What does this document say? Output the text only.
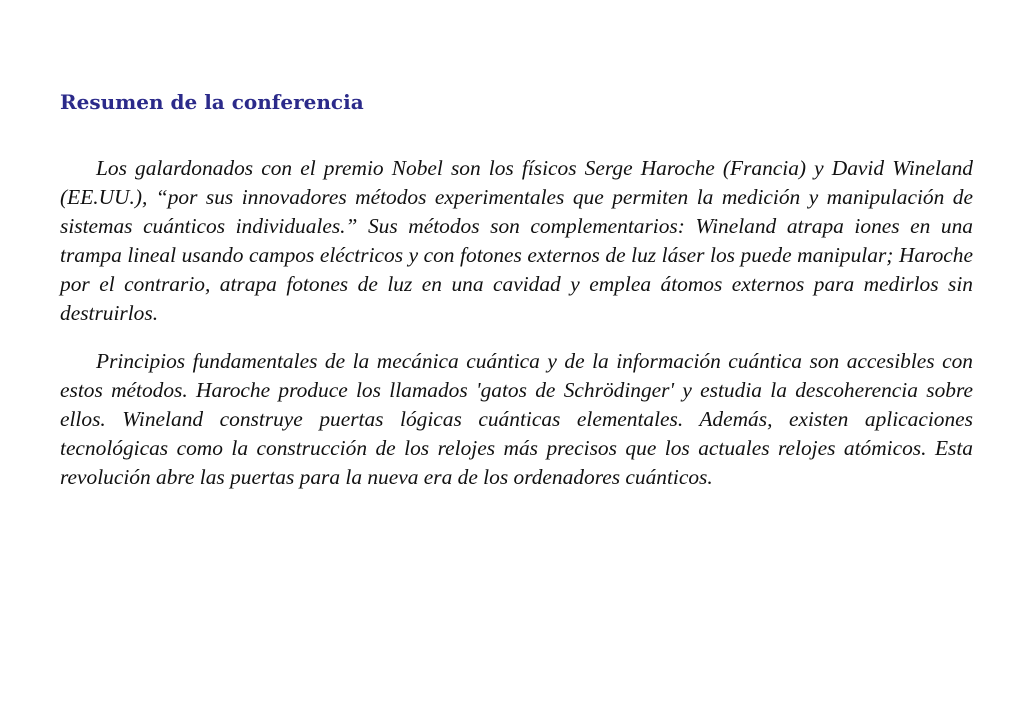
Resumen de la conferencia

Los galardonados con el premio Nobel son los físicos Serge Haroche (Francia) y David Wineland (EE.UU.), “por sus innovadores métodos experimentales que permiten la medición y manipulación de sistemas cuánticos individuales.” Sus métodos son complementarios: Wineland atrapa iones en una trampa lineal usando campos eléctricos y con fotones externos de luz láser los puede manipular; Haroche por el contrario, atrapa fotones de luz en una cavidad y emplea átomos externos para medirlos sin destruirlos.

Principios fundamentales de la mecánica cuántica y de la información cuántica son accesibles con estos métodos. Haroche produce los llamados 'gatos de Schrödinger' y estudia la descoherencia sobre ellos. Wineland construye puertas lógicas cuánticas elementales. Además, existen aplicaciones tecnológicas como la construcción de los relojes más precisos que los actuales relojes atómicos. Esta revolución abre las puertas para la nueva era de los ordenadores cuánticos.
